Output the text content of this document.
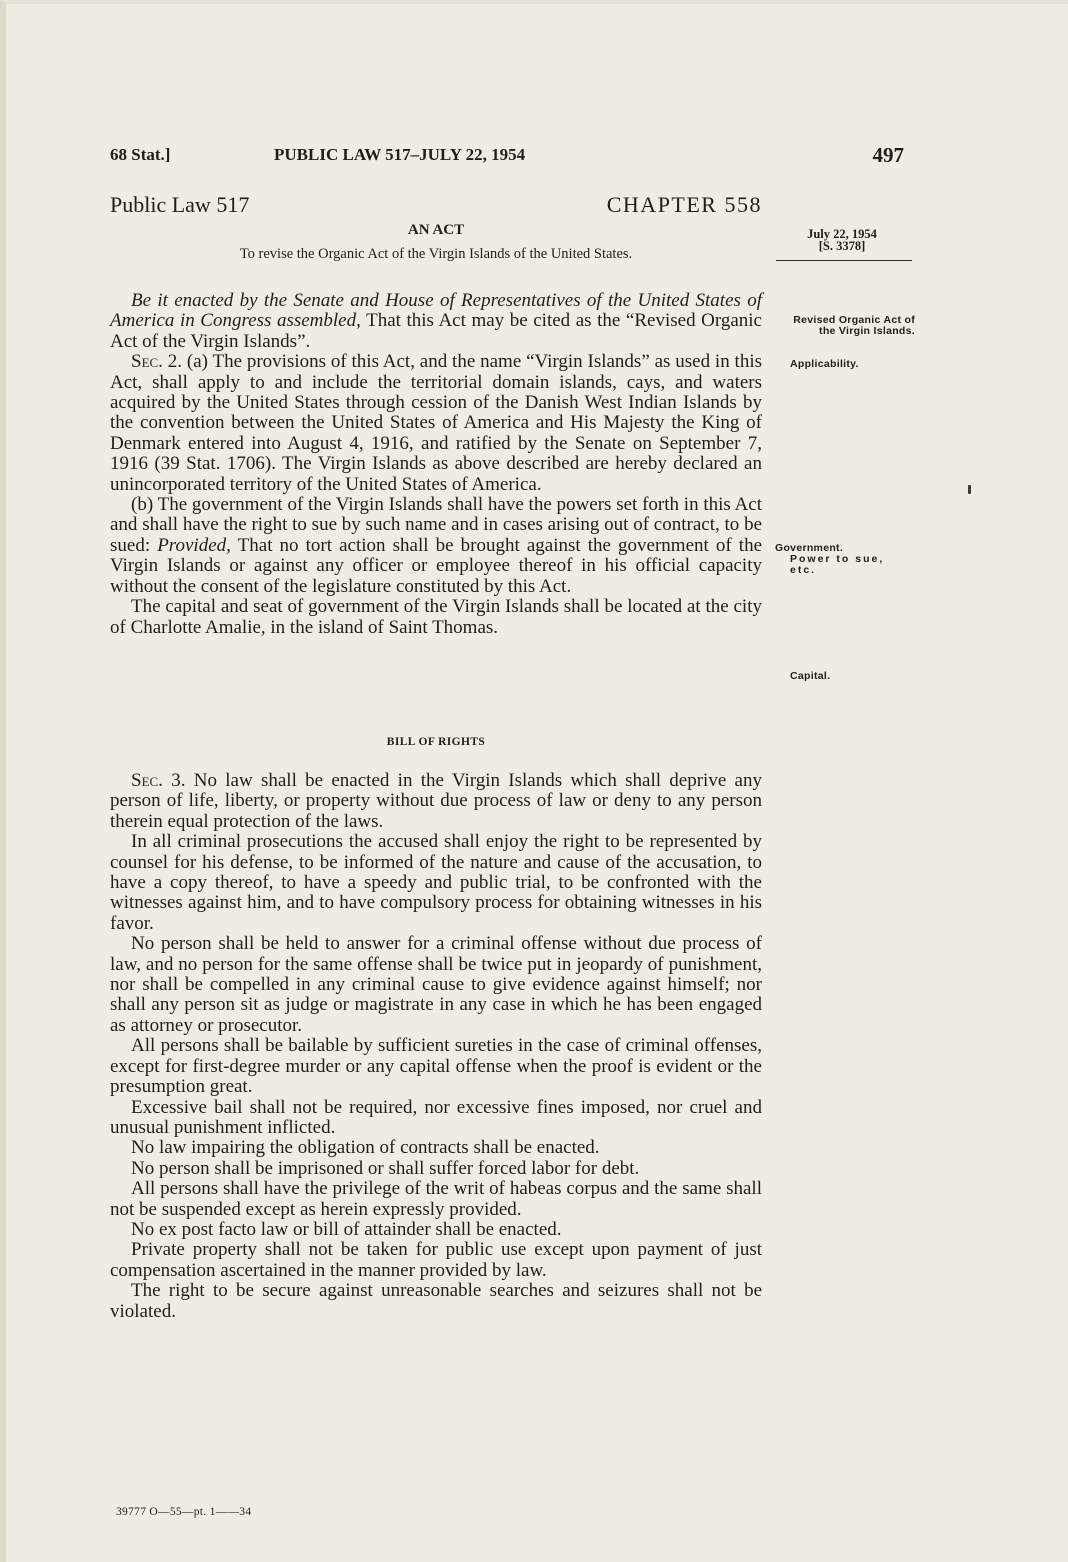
68 Stat.]	PUBLIC LAW 517–JULY 22, 1954	497
Public Law 517	CHAPTER 558
AN ACT
To revise the Organic Act of the Virgin Islands of the United States.
July 22, 1954
[S. 3378]
Revised Organic Act of the Virgin Islands.
Applicability.
Government.
Power to sue, etc.
Capital.

Be it enacted by the Senate and House of Representatives of the United States of America in Congress assembled, That this Act may be cited as the “Revised Organic Act of the Virgin Islands”.

Sec. 2. (a) The provisions of this Act, and the name “Virgin Islands” as used in this Act, shall apply to and include the territorial domain islands, cays, and waters acquired by the United States through cession of the Danish West Indian Islands by the convention between the United States of America and His Majesty the King of Denmark entered into August 4, 1916, and ratified by the Senate on September 7, 1916 (39 Stat. 1706). The Virgin Islands as above described are hereby declared an unincorporated territory of the United States of America.

(b) The government of the Virgin Islands shall have the powers set forth in this Act and shall have the right to sue by such name and in cases arising out of contract, to be sued: Provided, That no tort action shall be brought against the government of the Virgin Islands or against any officer or employee thereof in his official capacity without the consent of the legislature constituted by this Act.

The capital and seat of government of the Virgin Islands shall be located at the city of Charlotte Amalie, in the island of Saint Thomas.

BILL OF RIGHTS

Sec. 3. No law shall be enacted in the Virgin Islands which shall deprive any person of life, liberty, or property without due process of law or deny to any person therein equal protection of the laws.

In all criminal prosecutions the accused shall enjoy the right to be represented by counsel for his defense, to be informed of the nature and cause of the accusation, to have a copy thereof, to have a speedy and public trial, to be confronted with the witnesses against him, and to have compulsory process for obtaining witnesses in his favor.

No person shall be held to answer for a criminal offense without due process of law, and no person for the same offense shall be twice put in jeopardy of punishment, nor shall be compelled in any criminal cause to give evidence against himself; nor shall any person sit as judge or magistrate in any case in which he has been engaged as attorney or prosecutor.

All persons shall be bailable by sufficient sureties in the case of criminal offenses, except for first-degree murder or any capital offense when the proof is evident or the presumption great.

Excessive bail shall not be required, nor excessive fines imposed, nor cruel and unusual punishment inflicted.

No law impairing the obligation of contracts shall be enacted.

No person shall be imprisoned or shall suffer forced labor for debt.

All persons shall have the privilege of the writ of habeas corpus and the same shall not be suspended except as herein expressly provided.

No ex post facto law or bill of attainder shall be enacted.

Private property shall not be taken for public use except upon payment of just compensation ascertained in the manner provided by law.

The right to be secure against unreasonable searches and seizures shall not be violated.

39777 O—55—pt. 1——34
